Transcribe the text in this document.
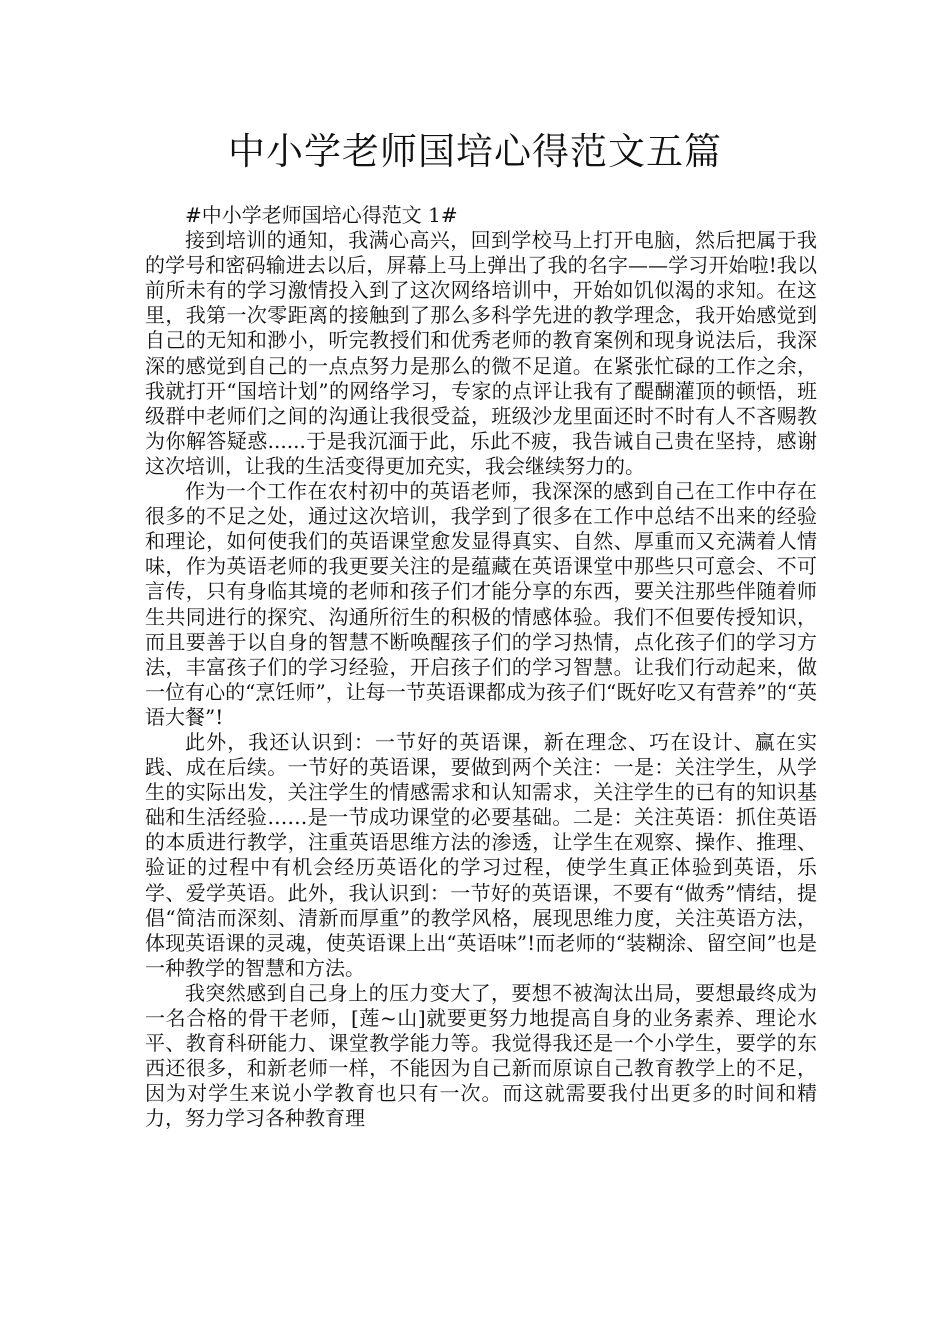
中小学老师国培心得范文五篇

#中小学老师国培心得范文 1#

接到培训的通知，我满心高兴，回到学校马上打开电脑，然后把属于我的学号和密码输进去以后，屏幕上马上弹出了我的名字——学习开始啦!我以前所未有的学习激情投入到了这次网络培训中，开始如饥似渴的求知。在这里，我第一次零距离的接触到了那么多科学先进的教学理念，我开始感觉到自己的无知和渺小，听完教授们和优秀老师的教育案例和现身说法后，我深深的感觉到自己的一点点努力是那么的微不足道。在紧张忙碌的工作之余，我就打开“国培计划”的网络学习，专家的点评让我有了醍醐灌顶的顿悟，班级群中老师们之间的沟通让我很受益，班级沙龙里面还时不时有人不吝赐教为你解答疑惑......于是我沉湎于此，乐此不疲，我告诫自己贵在坚持，感谢这次培训，让我的生活变得更加充实，我会继续努力的。

作为一个工作在农村初中的英语老师，我深深的感到自己在工作中存在很多的不足之处，通过这次培训，我学到了很多在工作中总结不出来的经验和理论，如何使我们的英语课堂愈发显得真实、自然、厚重而又充满着人情味，作为英语老师的我更要关注的是蕴藏在英语课堂中那些只可意会、不可言传，只有身临其境的老师和孩子们才能分享的东西，要关注那些伴随着师生共同进行的探究、沟通所衍生的积极的情感体验。我们不但要传授知识，而且要善于以自身的智慧不断唤醒孩子们的学习热情，点化孩子们的学习方法，丰富孩子们的学习经验，开启孩子们的学习智慧。让我们行动起来，做一位有心的“烹饪师”，让每一节英语课都成为孩子们“既好吃又有营养”的“英语大餐”!

此外，我还认识到：一节好的英语课，新在理念、巧在设计、赢在实践、成在后续。一节好的英语课，要做到两个关注：一是：关注学生，从学生的实际出发，关注学生的情感需求和认知需求，关注学生的已有的知识基础和生活经验……是一节成功课堂的必要基础。二是：关注英语：抓住英语的本质进行教学，注重英语思维方法的渗透，让学生在观察、操作、推理、验证的过程中有机会经历英语化的学习过程，使学生真正体验到英语，乐学、爱学英语。此外，我认识到：一节好的英语课，不要有“做秀”情结，提倡“简洁而深刻、清新而厚重”的教学风格，展现思维力度，关注英语方法，体现英语课的灵魂，使英语课上出“英语味”!而老师的“装糊涂、留空间”也是一种教学的智慧和方法。

我突然感到自己身上的压力变大了，要想不被淘汰出局，要想最终成为一名合格的骨干老师，[莲~山]就要更努力地提高自身的业务素养、理论水平、教育科研能力、课堂教学能力等。我觉得我还是一个小学生，要学的东西还很多，和新老师一样，不能因为自己新而原谅自己教育教学上的不足，因为对学生来说小学教育也只有一次。而这就需要我付出更多的时间和精力，努力学习各种教育理
